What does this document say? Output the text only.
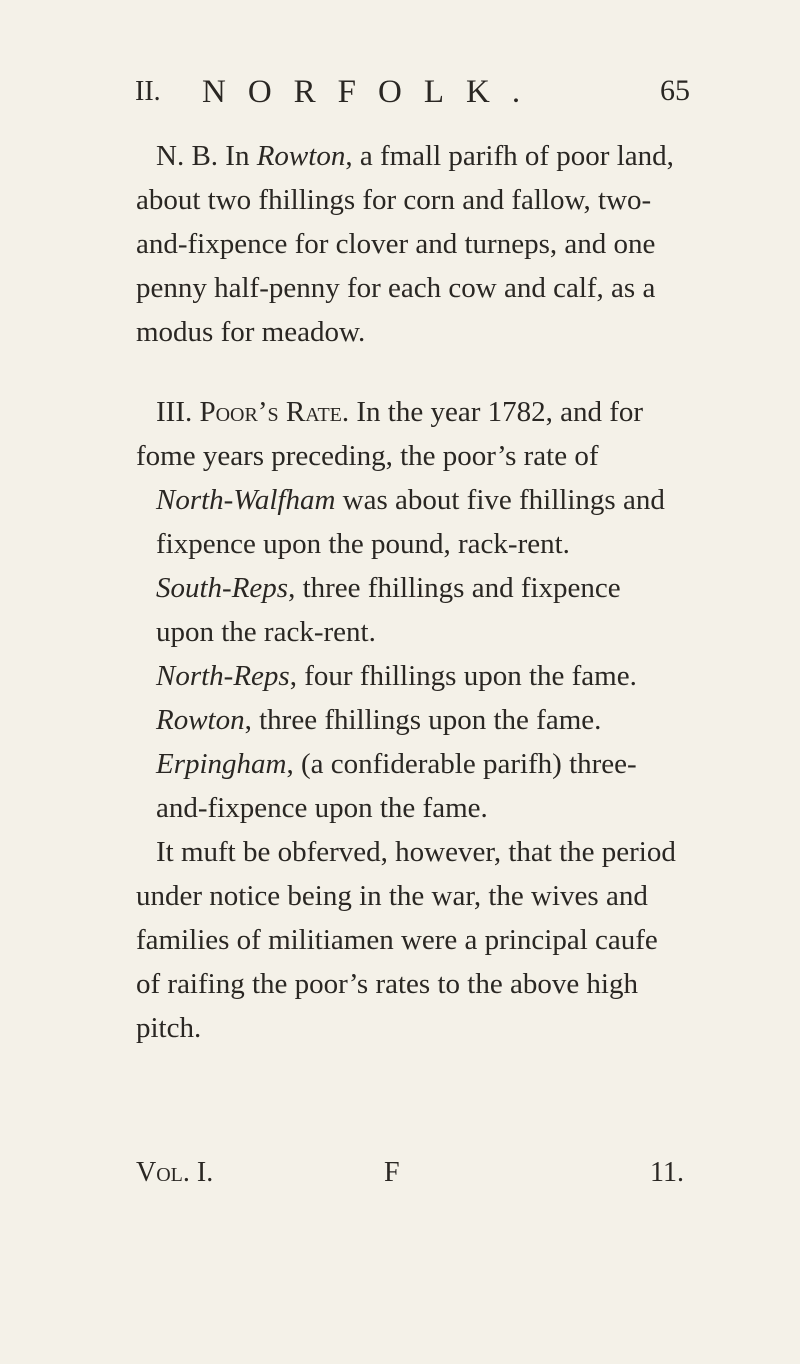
II. NORFOLK.	65

N. B. In Rowton, a fmall parifh of poor land, about two fhillings for corn and fallow, two-and-fixpence for clover and turneps, and one penny half-penny for each cow and calf, as a modus for meadow.

III. Poor’s Rate. In the year 1782, and for fome years preceding, the poor’s rate of

North-Walfham was about five fhillings and fixpence upon the pound, rack-rent.

South-Reps, three fhillings and fixpence upon the rack-rent.

North-Reps, four fhillings upon the fame.

Rowton, three fhillings upon the fame.

Erpingham, (a confiderable parifh) three-and-fixpence upon the fame.

It muft be obferved, however, that the period under notice being in the war, the wives and families of militiamen were a principal caufe of raifing the poor’s rates to the above high pitch.

Vol. I.	F	11.
